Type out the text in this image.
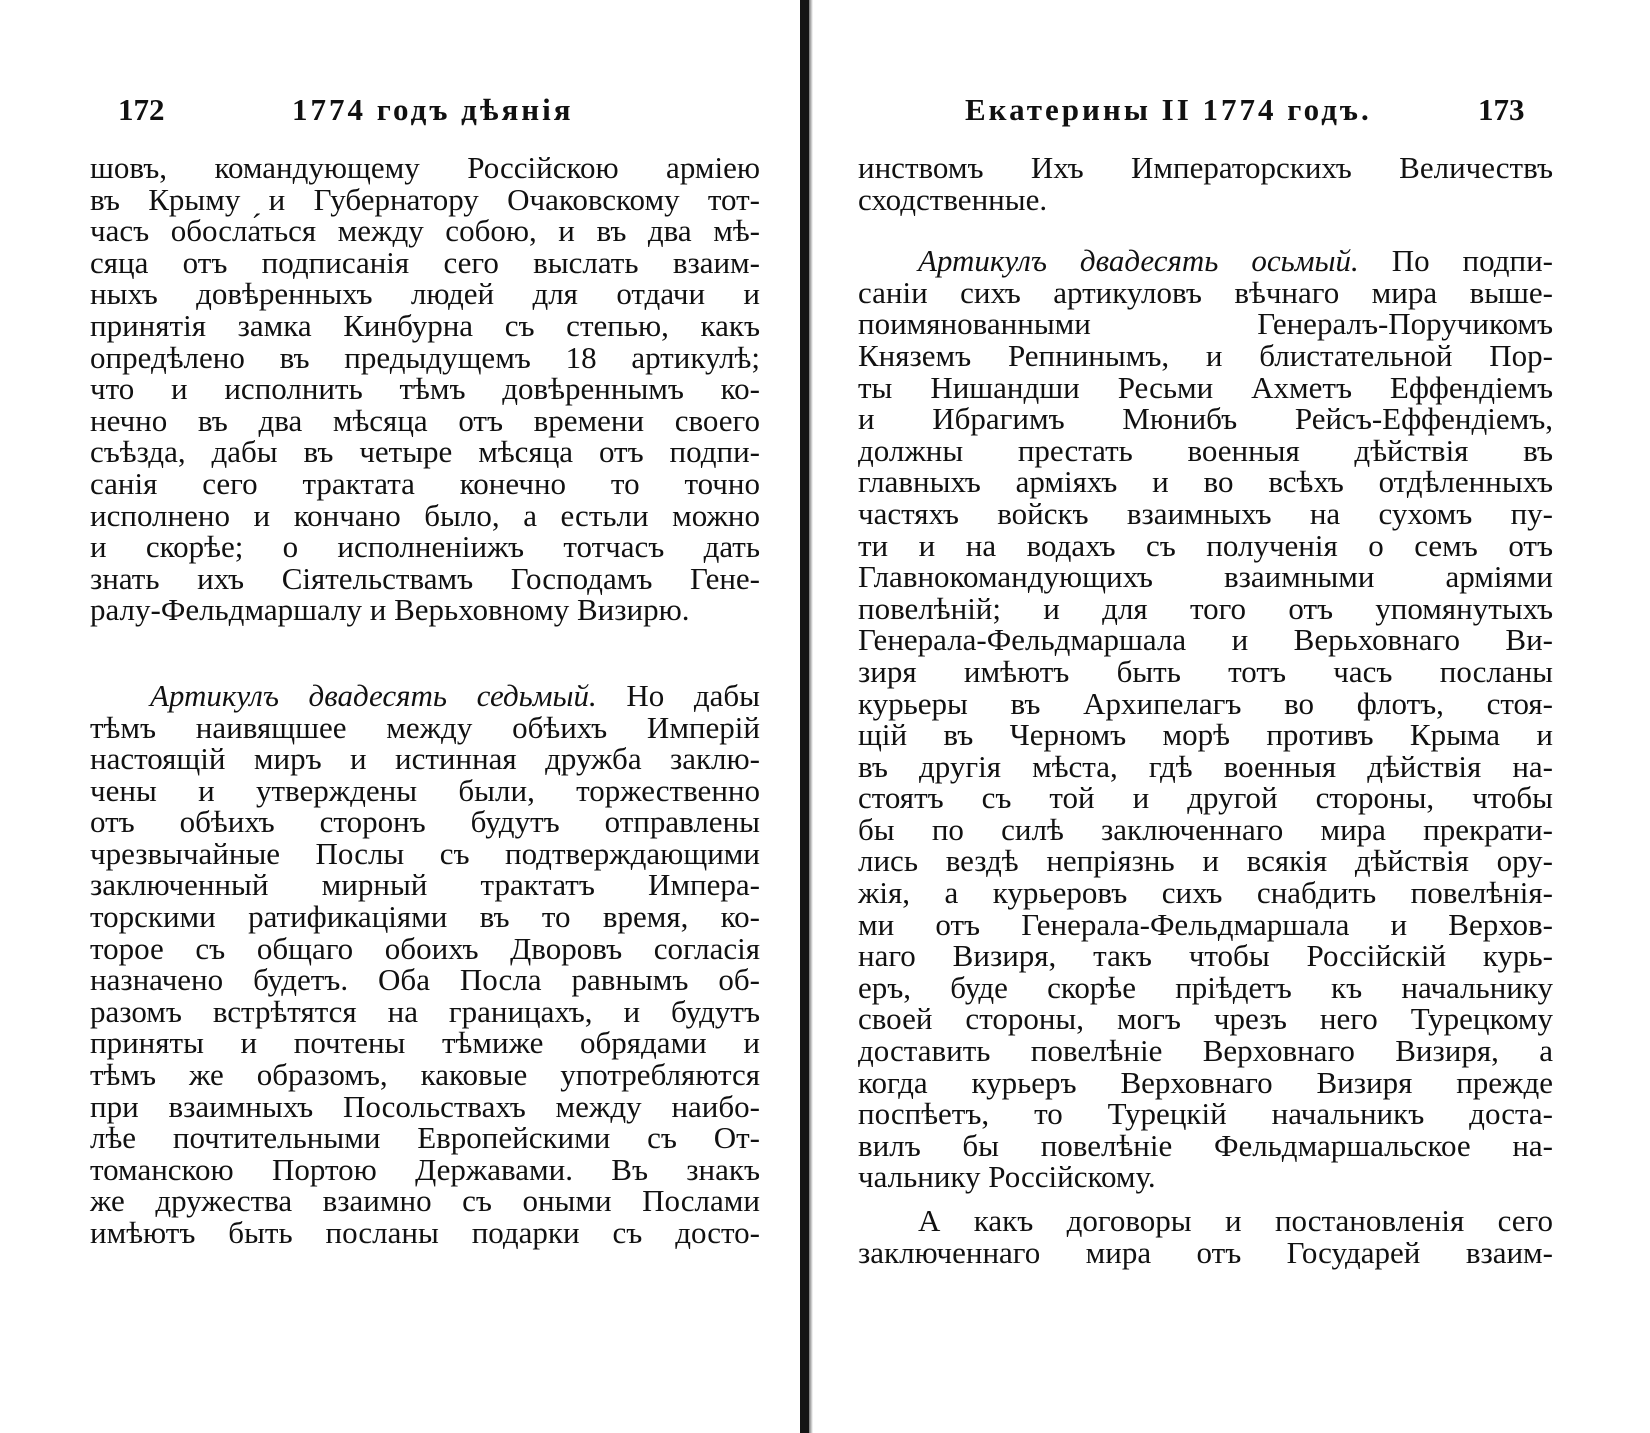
172	1774 годъ дѣянія
шовъ, командующему Россійскою арміею
въ Крыму и Губернатору Очаковскому тот-
часъ обосла́ться между собою, и въ два мѣ-
сяца отъ подписанія сего выслать взаим-
ныхъ довѣренныхъ людей для отдачи и
принятія замка Кинбурна съ степью, какъ
опредѣлено въ предыдущемъ 18 артикулѣ;
что и исполнить тѣмъ довѣреннымъ ко-
нечно въ два мѣсяца отъ времени своего
съѣзда, дабы въ четыре мѣсяца отъ подпи-
санія сего трактата конечно то точно
исполнено и кончано было, а естьли можно
и скорѣе; о исполненіижъ тотчасъ дать
знать ихъ Сіятельствамъ Господамъ Гене-
ралу-Фельдмаршалу и Верьховному Визирю.
Артикулъ двадесять седьмый. Но дабы
тѣмъ наивящшее между обѣихъ Имперій
настоящій миръ и истинная дружба заклю-
чены и утверждены были, торжественно
отъ обѣихъ сторонъ будутъ отправлены
чрезвычайные Послы съ подтверждающими
заключенный мирный трактатъ Импера-
торскими ратификаціями въ то время, ко-
торое съ общаго обоихъ Дворовъ согласія
назначено будетъ. Оба Посла равнымъ об-
разомъ встрѣтятся на границахъ, и будутъ
приняты и почтены тѣмиже обрядами и
тѣмъ же образомъ, каковые употребляются
при взаимныхъ Посольствахъ между наибо-
лѣе почтительными Европейскими съ От-
томанскою Портою Державами. Въ знакъ
же дружества взаимно съ оными Послами
имѣютъ быть посланы подарки съ досто-
Екатерины II 1774 годъ.	173
инствомъ Ихъ Императорскихъ Величествъ
сходственные.
Артикулъ двадесять осьмый. По подпи-
саніи сихъ артикуловъ вѣчнаго мира выше-
поимянованными Генералъ-Поручикомъ
Княземъ Репнинымъ, и блистательной Пор-
ты Нишандши Ресьми Ахметъ Еффендіемъ
и Ибрагимъ Мюнибъ Рейсъ-Еффендіемъ,
должны престать военныя дѣйствія въ
главныхъ арміяхъ и во всѣхъ отдѣленныхъ
частяхъ войскъ взаимныхъ на сухомъ пу-
ти и на водахъ съ полученія о семъ отъ
Главнокомандующихъ взаимными арміями
повелѣній; и для того отъ упомянутыхъ
Генерала-Фельдмаршала и Верьховнаго Ви-
зиря имѣютъ быть тотъ часъ посланы
курьеры въ Архипелагъ во флотъ, стоя-
щій въ Черномъ морѣ противъ Крыма и
въ другія мѣста, гдѣ военныя дѣйствія на-
стоятъ съ той и другой стороны, чтобы
бы по силѣ заключеннаго мира прекрати-
лись вездѣ непріязнь и всякія дѣйствія ору-
жія, а курьеровъ сихъ снабдить повелѣнія-
ми отъ Генерала-Фельдмаршала и Верхов-
наго Визиря, такъ чтобы Россійскій курь-
еръ, буде скорѣе пріѣдетъ къ начальнику
своей стороны, могъ чрезъ него Турецкому
доставить повелѣніе Верховнаго Визиря, а
когда курьеръ Верховнаго Визиря прежде
поспѣетъ, то Турецкій начальникъ доста-
вилъ бы повелѣніе Фельдмаршальское на-
чальнику Россійскому.
А какъ договоры и постановленія сего
заключеннаго мира отъ Государей взаим-
